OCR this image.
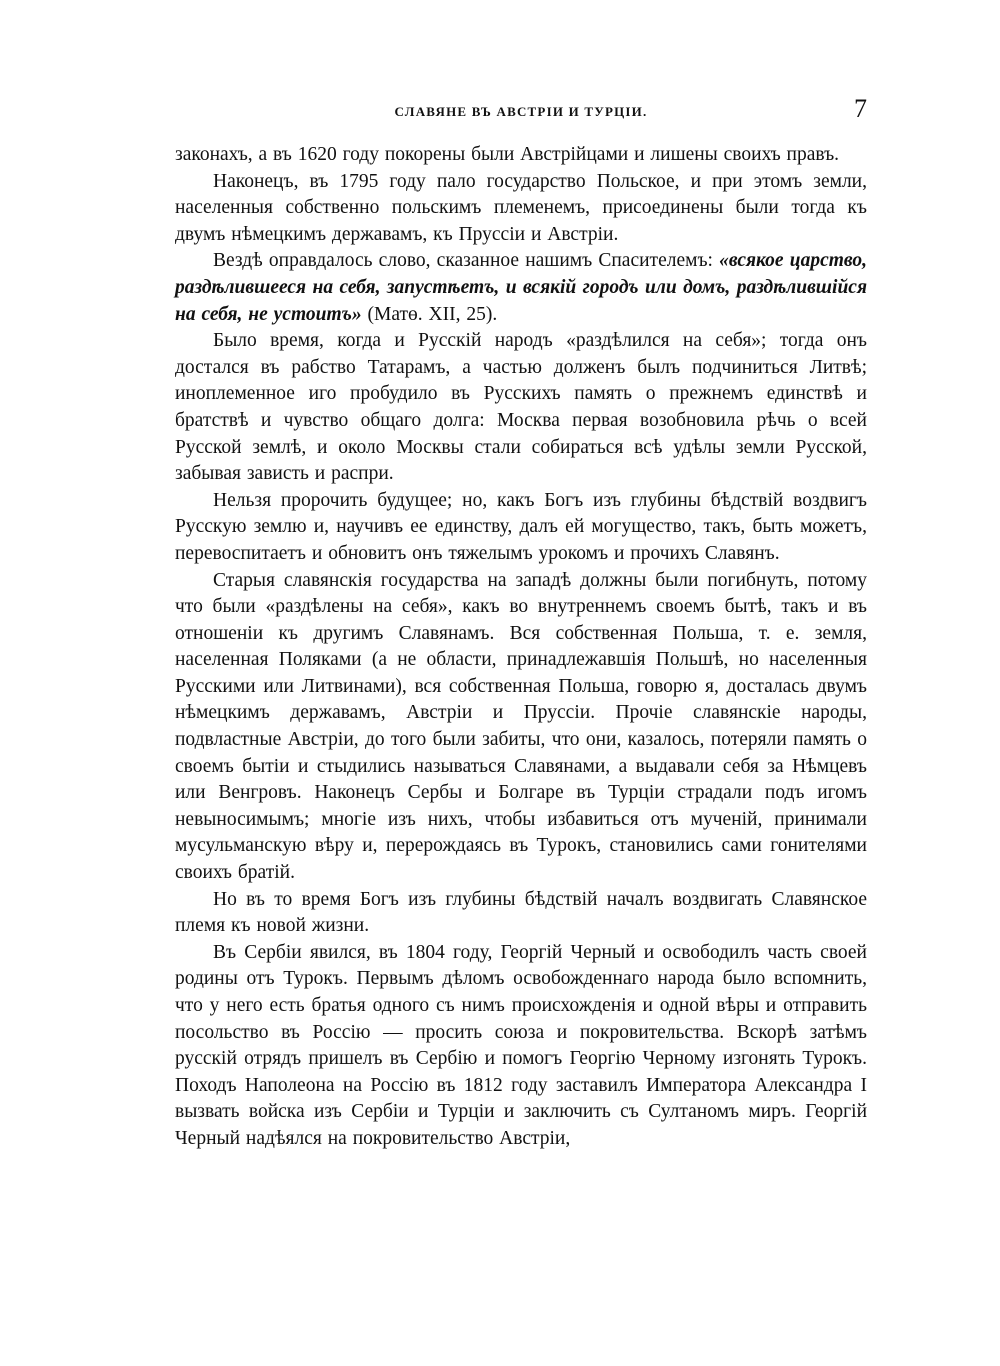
СЛАВЯНЕ ВЪ АВСТРІИ И ТУРЦІИ.	7

законахъ, а въ 1620 году покорены были Австрійцами и лишены своихъ правъ.

Наконецъ, въ 1795 году пало государство Польское, и при этомъ земли, населенныя собственно польскимъ племенемъ, присоединены были тогда къ двумъ нѣмецкимъ державамъ, къ Пруссіи и Австріи.

Вездѣ оправдалось слово, сказанное нашимъ Спасителемъ: «всякое царство, раздѣлившееся на себя, запустѣетъ, и всякій городъ или домъ, раздѣлившійся на себя, не устоитъ» (Матө. XII, 25).

Было время, когда и Русскій народъ «раздѣлился на себя»; тогда онъ достался въ рабство Татарамъ, а частью долженъ былъ подчиниться Литвѣ; иноплеменное иго пробудило въ Русскихъ память о прежнемъ единствѣ и братствѣ и чувство общаго долга: Москва первая возобновила рѣчь о всей Русской землѣ, и около Москвы стали собираться всѣ удѣлы земли Русской, забывая зависть и распри.

Нельзя пророчить будущее; но, какъ Богъ изъ глубины бѣдствій воздвигъ Русскую землю и, научивъ ее единству, далъ ей могущество, такъ, быть можетъ, перевоспитаетъ и обновитъ онъ тяжелымъ урокомъ и прочихъ Славянъ.

Старыя славянскія государства на западѣ должны были погибнуть, потому что были «раздѣлены на себя», какъ во внутреннемъ своемъ бытѣ, такъ и въ отношеніи къ другимъ Славянамъ. Вся собственная Польша, т. е. земля, населенная Поляками (а не области, принадлежавшія Польшѣ, но населенныя Русскими или Литвинами), вся собственная Польша, говорю я, досталась двумъ нѣмецкимъ державамъ, Австріи и Пруссіи. Прочіе славянскіе народы, подвластные Австріи, до того были забиты, что они, казалось, потеряли память о своемъ бытіи и стыдились называться Славянами, а выдавали себя за Нѣмцевъ или Венгровъ. Наконецъ Сербы и Болгаре въ Турціи страдали подъ игомъ невыносимымъ; многіе изъ нихъ, чтобы избавиться отъ мученій, принимали мусульманскую вѣру и, перерождаясь въ Турокъ, становились сами гонителями своихъ братій.

Но въ то время Богъ изъ глубины бѣдствій началъ воздвигать Славянское племя къ новой жизни.

Въ Сербіи явился, въ 1804 году, Георгій Черный и освободилъ часть своей родины отъ Турокъ. Первымъ дѣломъ освобожденнаго народа было вспомнить, что у него есть братья одного съ нимъ происхожденія и одной вѣры и отправить посольство въ Россію — просить союза и покровительства. Вскорѣ затѣмъ русскій отрядъ пришелъ въ Сербію и помогъ Георгію Черному изгонять Турокъ. Походъ Наполеона на Россію въ 1812 году заставилъ Императора Александра I вызвать войска изъ Сербіи и Турціи и заключить съ Султаномъ миръ. Георгій Черный надѣялся на покровительство Австріи,
